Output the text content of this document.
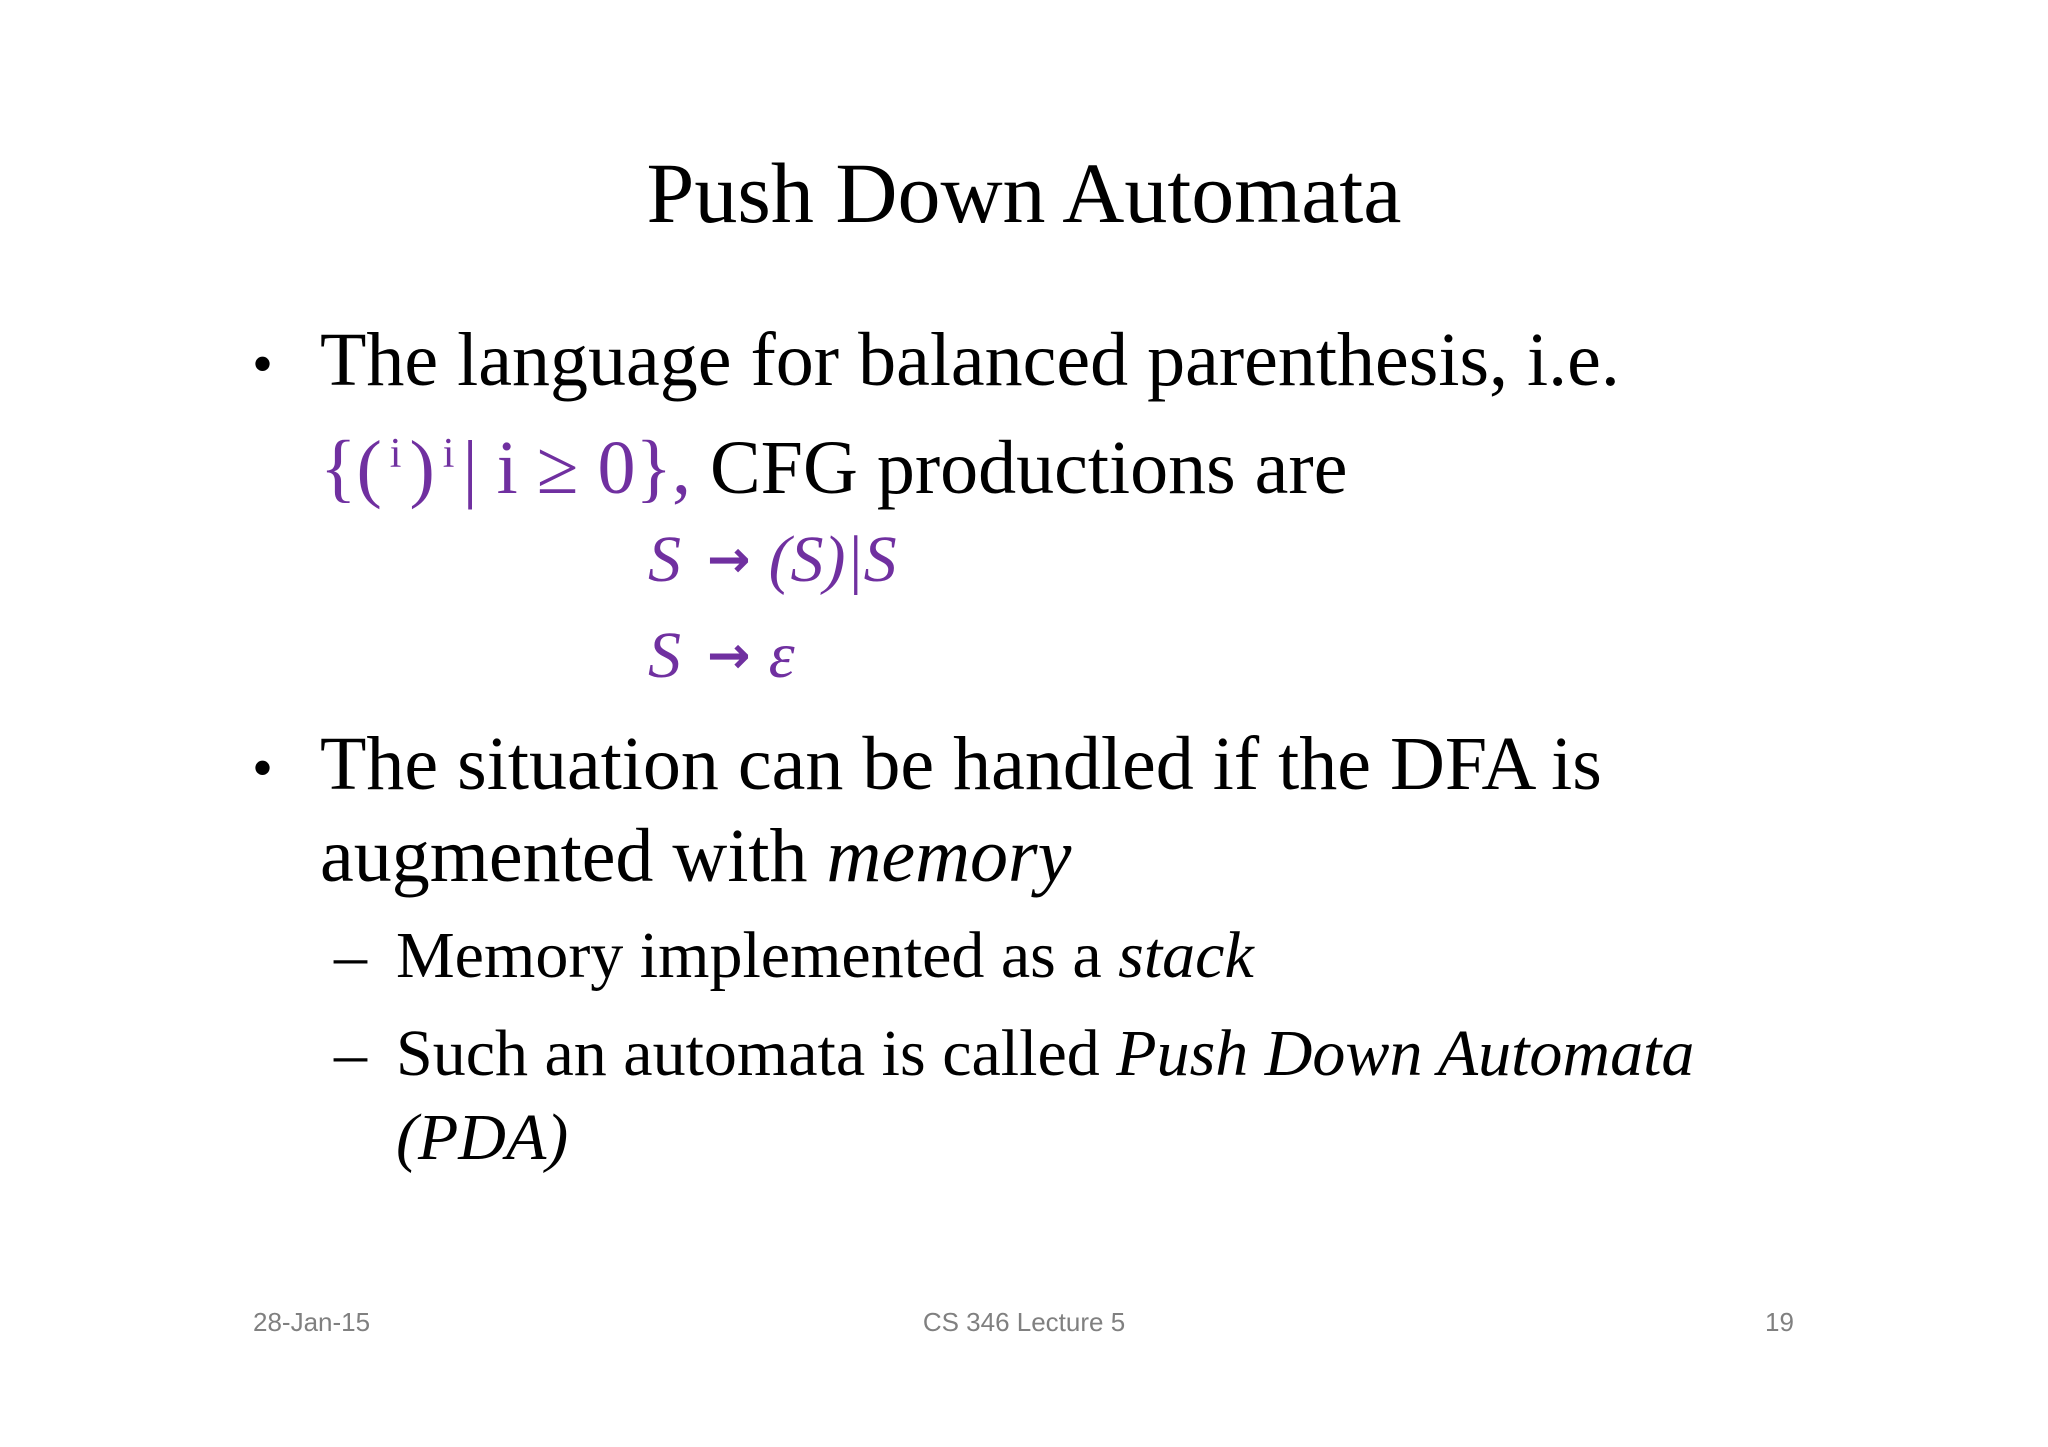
Push Down Automata
• The language for balanced parenthesis, i.e.
{( $^i$ ) $^i$ | i ≥ 0}, CFG productions are
S → (S)|S
S → ε
• The situation can be handled if the DFA is
augmented with memory
– Memory implemented as a stack
– Such an automata is called Push Down Automata
(PDA)
28-Jan-15	CS 346 Lecture 5	19
